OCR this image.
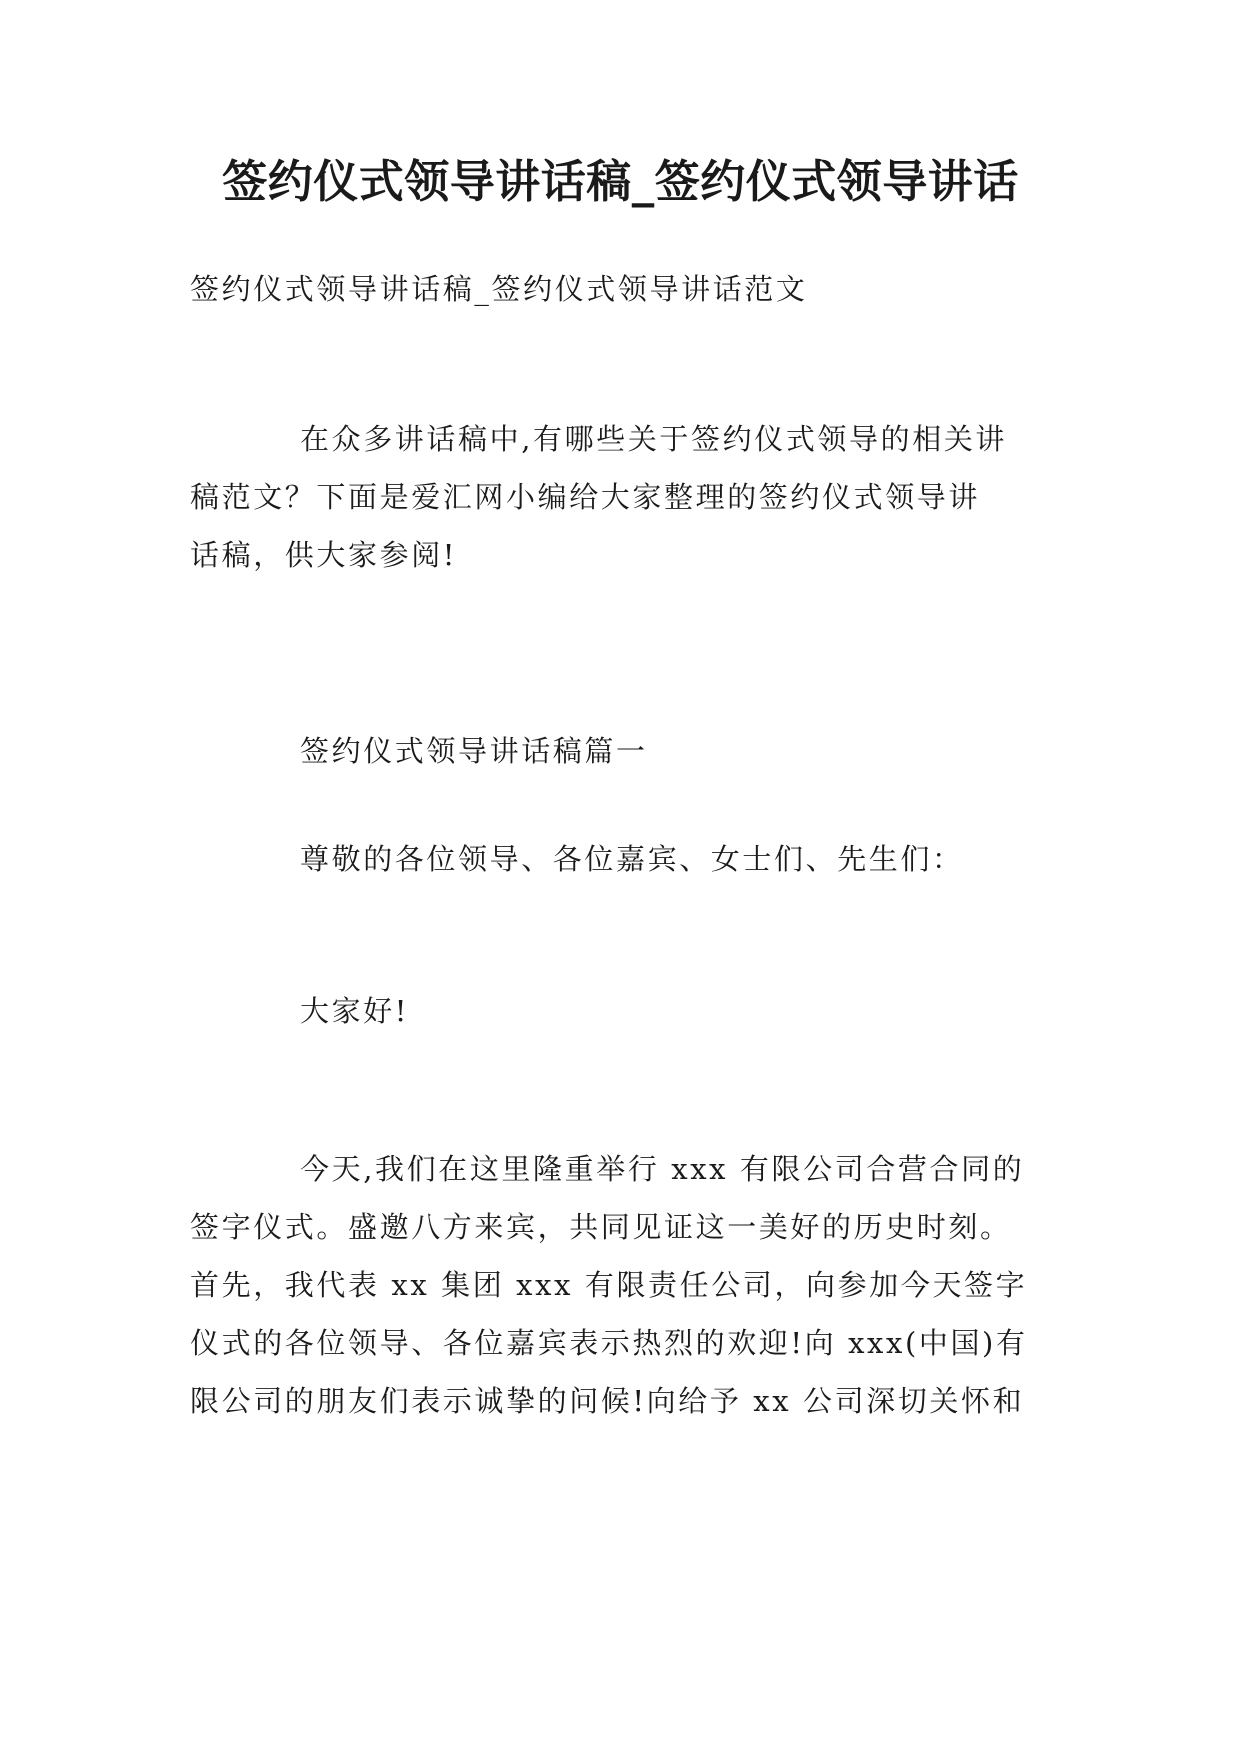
签约仪式领导讲话稿_签约仪式领导讲话
签约仪式领导讲话稿_签约仪式领导讲话范文
在众多讲话稿中,有哪些关于签约仪式领导的相关讲
稿范文？下面是爱汇网小编给大家整理的签约仪式领导讲
话稿，供大家参阅!
签约仪式领导讲话稿篇一
尊敬的各位领导、各位嘉宾、女士们、先生们：
大家好!
今天,我们在这里隆重举行 xxx 有限公司合营合同的
签字仪式。盛邀八方来宾，共同见证这一美好的历史时刻。
首先，我代表 xx 集团 xxx 有限责任公司，向参加今天签字
仪式的各位领导、各位嘉宾表示热烈的欢迎!向 xxx(中国)有
限公司的朋友们表示诚挚的问候!向给予 xx 公司深切关怀和
